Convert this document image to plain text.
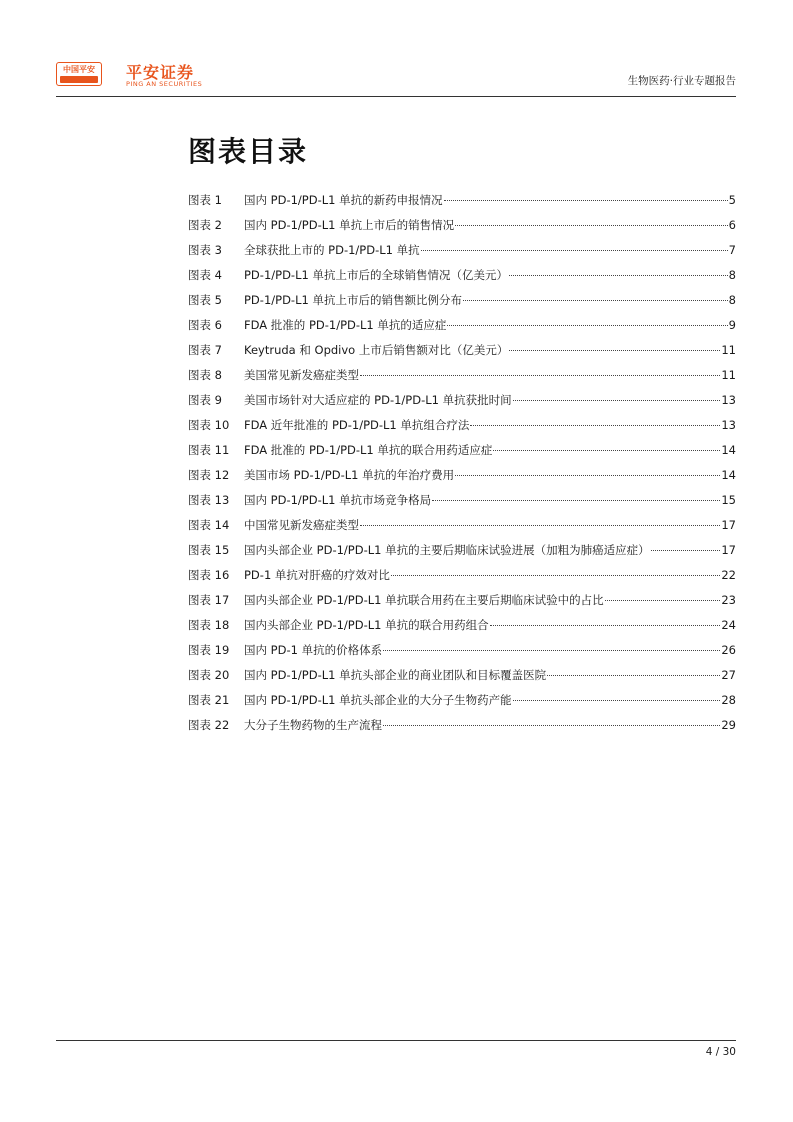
中国平安	平安证券
PING AN SECURITIES	生物医药·行业专题报告
图表目录
图表 1	国内 PD-1/PD-L1 单抗的新药申报情况	5
图表 2	国内 PD-1/PD-L1 单抗上市后的销售情况	6
图表 3	全球获批上市的 PD-1/PD-L1 单抗	7
图表 4	PD-1/PD-L1 单抗上市后的全球销售情况（亿美元）	8
图表 5	PD-1/PD-L1 单抗上市后的销售额比例分布	8
图表 6	FDA 批准的 PD-1/PD-L1 单抗的适应症	9
图表 7	Keytruda 和 Opdivo 上市后销售额对比（亿美元）	11
图表 8	美国常见新发癌症类型	11
图表 9	美国市场针对大适应症的 PD-1/PD-L1 单抗获批时间	13
图表 10	FDA 近年批准的 PD-1/PD-L1 单抗组合疗法	13
图表 11	FDA 批准的 PD-1/PD-L1 单抗的联合用药适应症	14
图表 12	美国市场 PD-1/PD-L1 单抗的年治疗费用	14
图表 13	国内 PD-1/PD-L1 单抗市场竞争格局	15
图表 14	中国常见新发癌症类型	17
图表 15	国内头部企业 PD-1/PD-L1 单抗的主要后期临床试验进展（加粗为肺癌适应症）	17
图表 16	PD-1 单抗对肝癌的疗效对比	22
图表 17	国内头部企业 PD-1/PD-L1 单抗联合用药在主要后期临床试验中的占比	23
图表 18	国内头部企业 PD-1/PD-L1 单抗的联合用药组合	24
图表 19	国内 PD-1 单抗的价格体系	26
图表 20	国内 PD-1/PD-L1 单抗头部企业的商业团队和目标覆盖医院	27
图表 21	国内 PD-1/PD-L1 单抗头部企业的大分子生物药产能	28
图表 22	大分子生物药物的生产流程	29
4 / 30
